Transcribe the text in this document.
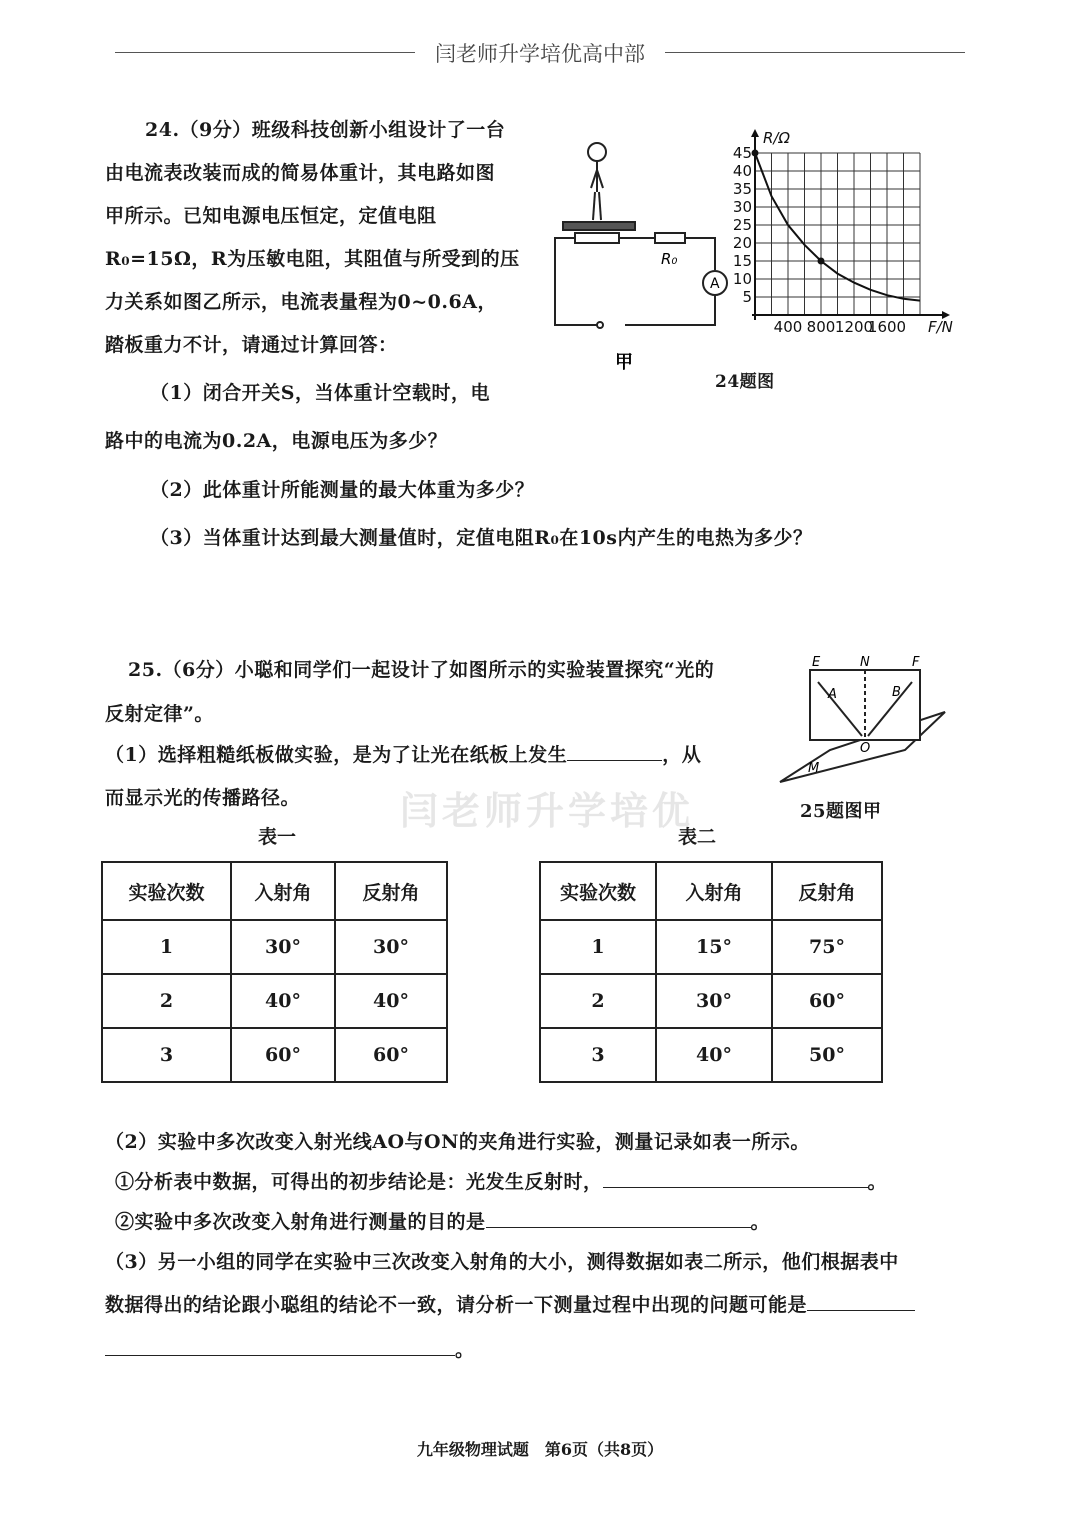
闫老师升学培优高中部
闫老师升学培优
24.（9分）班级科技创新小组设计了一台
由电流表改装而成的简易体重计，其电路如图
甲所示。已知电源电压恒定，定值电阻
R₀=15Ω，R为压敏电阻，其阻值与所受到的压
力关系如图乙所示，电流表量程为0~0.6A，
踏板重力不计，请通过计算回答：
（1）闭合开关S，当体重计空载时，电
路中的电流为0.2A，电源电压为多少？
（2）此体重计所能测量的最大体重为多少？
（3）当体重计达到最大测量值时，定值电阻R₀在10s内产生的电热为多少？
R₀
A
甲
5
10
15
20
25
30
35
40
45
400 800 1200
1600
R/Ω
F/N
24题图
25.（6分）小聪和同学们一起设计了如图所示的实验装置探究“光的
反射定律”。
（1）选择粗糙纸板做实验，是为了让光在纸板上发生	，从
而显示光的传播路径。
E	N	F
A	B
O
M
25题图甲
表一
实验次数	入射角	反射角
1	30°	30°
2	40°	40°
3	60°	60°
表二
实验次数	入射角	反射角
1	15°	75°
2	30°	60°
3	40°	50°
（2）实验中多次改变入射光线AO与ON的夹角进行实验，测量记录如表一所示。
①分析表中数据，可得出的初步结论是：光发生反射时，	。
②实验中多次改变入射角进行测量的目的是	。
（3）另一小组的同学在实验中三次改变入射角的大小，测得数据如表二所示，他们根据表中
数据得出的结论跟小聪组的结论不一致，请分析一下测量过程中出现的问题可能是
。
九年级物理试题　第6页（共8页）
